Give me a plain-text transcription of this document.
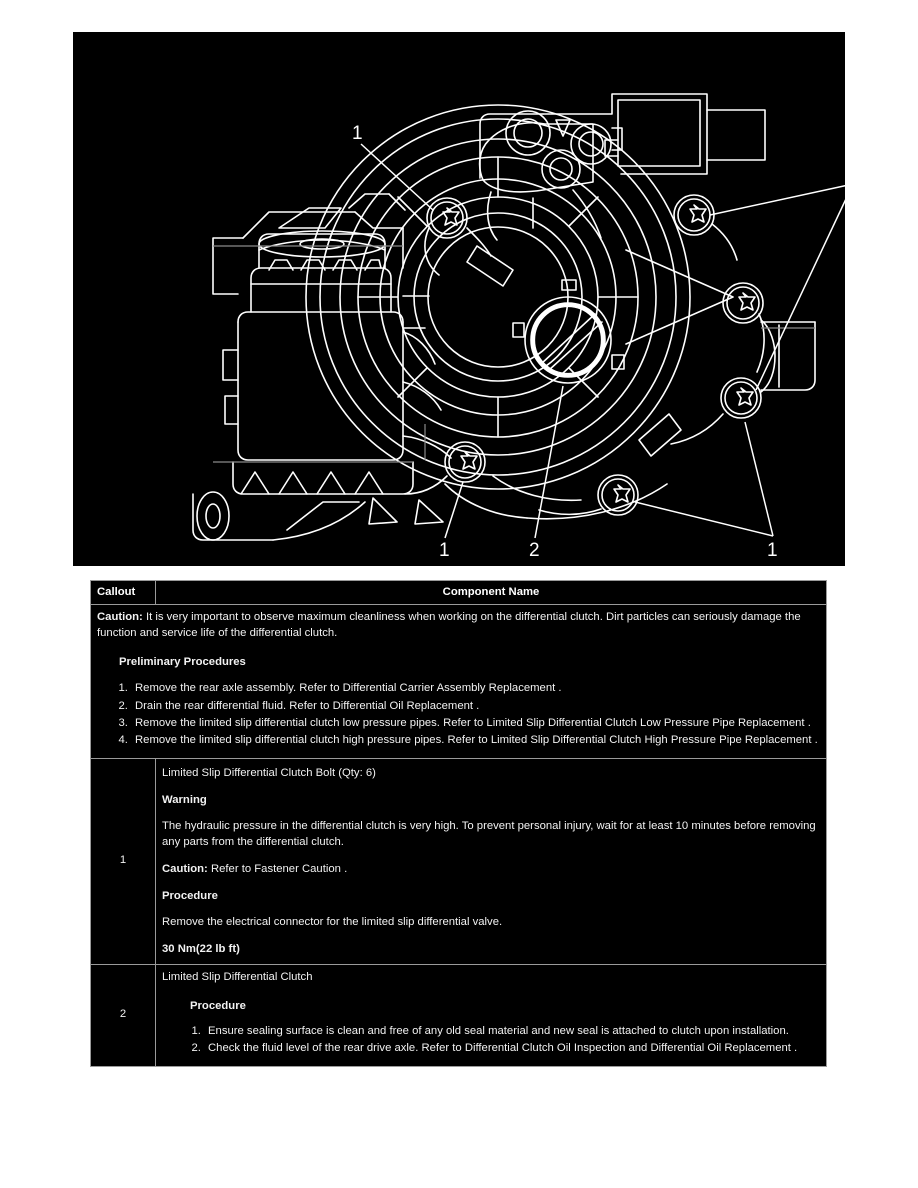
1
1
1	2	1
Callout	Component Name

Caution: It is very important to observe maximum cleanliness when working on the differential clutch. Dirt particles can seriously damage the function and service life of the differential clutch.

Preliminary Procedures
1. Remove the rear axle assembly. Refer to Differential Carrier Assembly Replacement .
2. Drain the rear differential fluid. Refer to Differential Oil Replacement .
3. Remove the limited slip differential clutch low pressure pipes. Refer to Limited Slip Differential Clutch Low Pressure Pipe Replacement .
4. Remove the limited slip differential clutch high pressure pipes. Refer to Limited Slip Differential Clutch High Pressure Pipe Replacement .

1	

Limited Slip Differential Clutch Bolt (Qty: 6)

Warning

The hydraulic pressure in the differential clutch is very high. To prevent personal injury, wait for at least 10 minutes before removing any parts from the differential clutch.

Caution: Refer to Fastener Caution .

Procedure

Remove the electrical connector for the limited slip differential valve.

30 Nm(22 lb ft)

2	

Limited Slip Differential Clutch

Procedure
1. Ensure sealing surface is clean and free of any old seal material and new seal is attached to clutch upon installation.
2. Check the fluid level of the rear drive axle. Refer to Differential Clutch Oil Inspection and Differential Oil Replacement .
